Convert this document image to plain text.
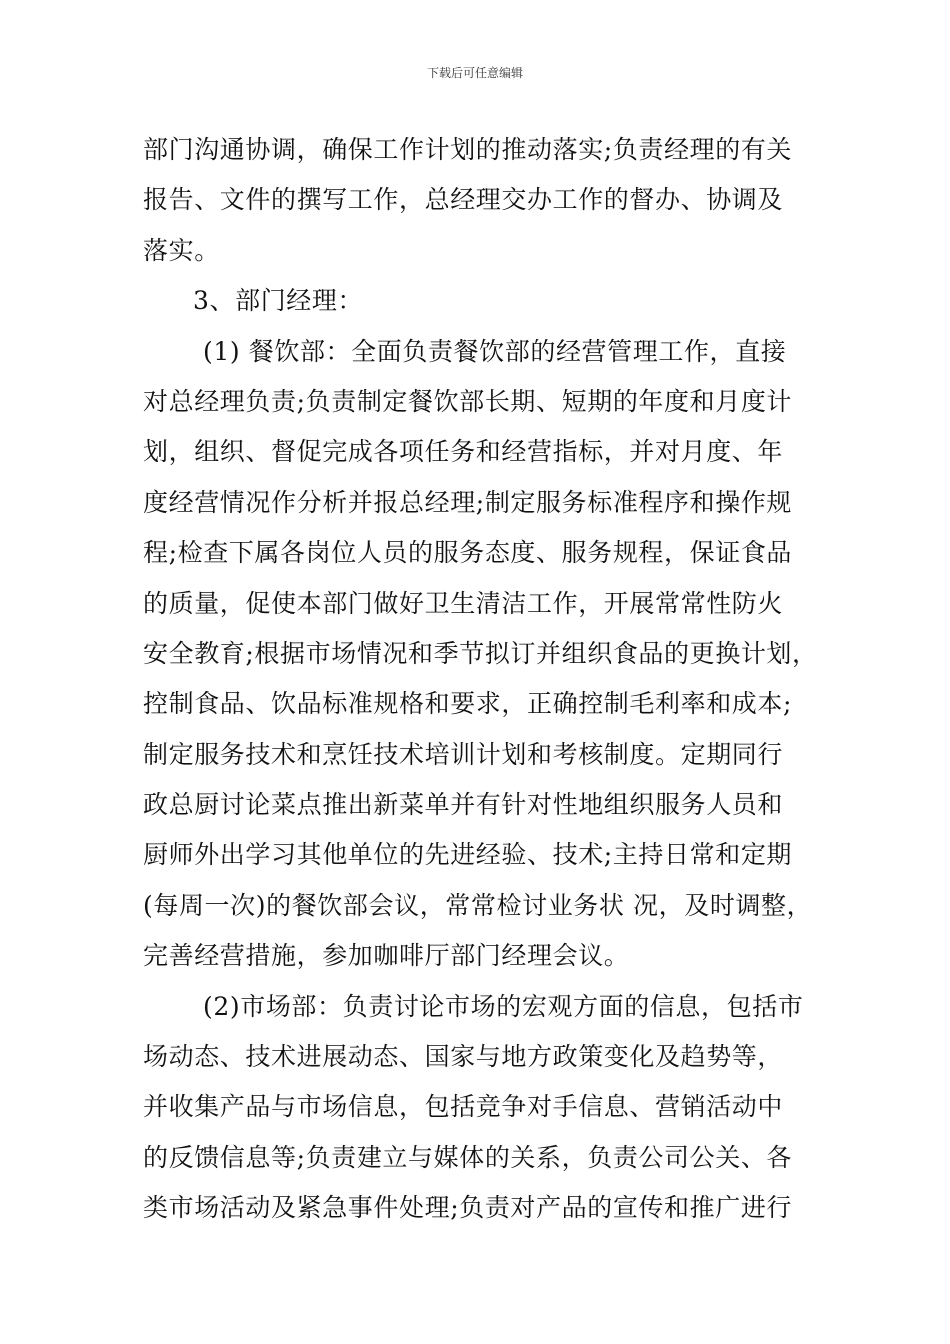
下载后可任意编辑
部门沟通协调，确保工作计划的推动落实;负责经理的有关
报告、文件的撰写工作，总经理交办工作的督办、协调及
落实。
3、部门经理：
(1) 餐饮部：全面负责餐饮部的经营管理工作，直接
对总经理负责;负责制定餐饮部长期、短期的年度和月度计
划，组织、督促完成各项任务和经营指标，并对月度、年
度经营情况作分析并报总经理;制定服务标准程序和操作规
程;检查下属各岗位人员的服务态度、服务规程，保证食品
的质量，促使本部门做好卫生清洁工作，开展常常性防火
安全教育;根据市场情况和季节拟订并组织食品的更换计划，
控制食品、饮品标准规格和要求，正确控制毛利率和成本;
制定服务技术和烹饪技术培训计划和考核制度。定期同行
政总厨讨论菜点推出新菜单并有针对性地组织服务人员和
厨师外出学习其他单位的先进经验、技术;主持日常和定期
(每周一次)的餐饮部会议，常常检讨业务状 况，及时调整，
完善经营措施，参加咖啡厅部门经理会议。
(2)市场部：负责讨论市场的宏观方面的信息，包括市
场动态、技术进展动态、国家与地方政策变化及趋势等，
并收集产品与市场信息，包括竞争对手信息、营销活动中
的反馈信息等;负责建立与媒体的关系，负责公司公关、各
类市场活动及紧急事件处理;负责对产品的宣传和推广进行
